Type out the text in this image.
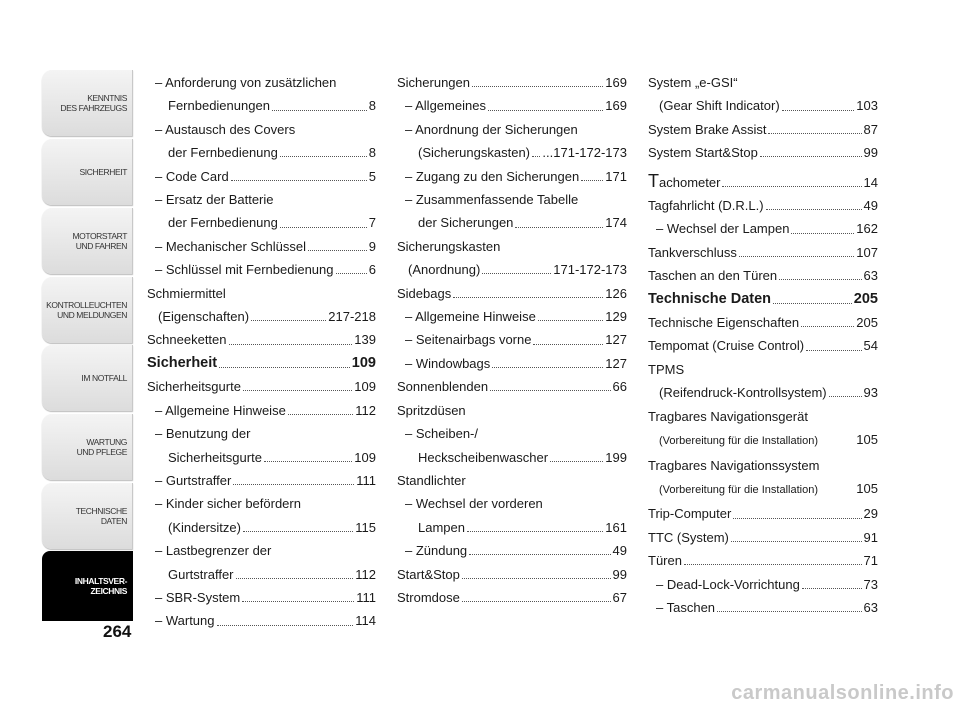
KENNTNIS
DES FAHRZEUGS
SICHERHEIT
MOTORSTART
UND FAHREN
KONTROLLEUCHTEN
UND MELDUNGEN
IM NOTFALL
WARTUNG
UND PFLEGE
TECHNISCHE
DATEN
INHALTSVER-
ZEICHNIS
264
– Anforderung von zusätzlichen
Fernbedienungen	8
– Austausch des Covers
der Fernbedienung	8
– Code Card	5
– Ersatz der Batterie
der Fernbedienung	7
– Mechanischer Schlüssel	9
– Schlüssel mit Fernbedienung	6
Schmiermittel
(Eigenschaften)	217-218
Schneeketten	139
Sicherheit	109
Sicherheitsgurte	109
– Allgemeine Hinweise	112
– Benutzung der
Sicherheitsgurte	109
– Gurtstraffer	111
– Kinder sicher befördern
(Kindersitze)	115
– Lastbegrenzer der
Gurtstraffer	112
– SBR-System	111
– Wartung	114
Sicherungen	169
– Allgemeines	169
– Anordnung der Sicherungen
(Sicherungskasten) ...171-172-173
– Zugang zu den Sicherungen 171
– Zusammenfassende Tabelle
der Sicherungen	174
Sicherungskasten
(Anordnung)	171-172-173
Sidebags	126
– Allgemeine Hinweise	129
– Seitenairbags vorne	127
– Windowbags	127
Sonnenblenden	66
Spritzdüsen
– Scheiben-/
Heckscheibenwascher	199
Standlichter
– Wechsel der vorderen
Lampen	161
– Zündung	49
Start&Stop	99
Stromdose	67
System „e-GSI“
(Gear Shift Indicator)	103
System Brake Assist	87
System Start&Stop	99
Tachometer	14
Tagfahrlicht (D.R.L.)	49
– Wechsel der Lampen	162
Tankverschluss	107
Taschen an den Türen	63
Technische Daten	205
Technische Eigenschaften	205
Tempomat (Cruise Control)	54
TPMS
(Reifendruck-Kontrollsystem)	93
Tragbares Navigationsgerät
(Vorbereitung für die Installation)	105
Tragbares Navigationssystem
(Vorbereitung für die Installation)	105
Trip-Computer	29
TTC (System)	91
Türen	71
– Dead-Lock-Vorrichtung	73
– Taschen	63
carmanualsonline.info
